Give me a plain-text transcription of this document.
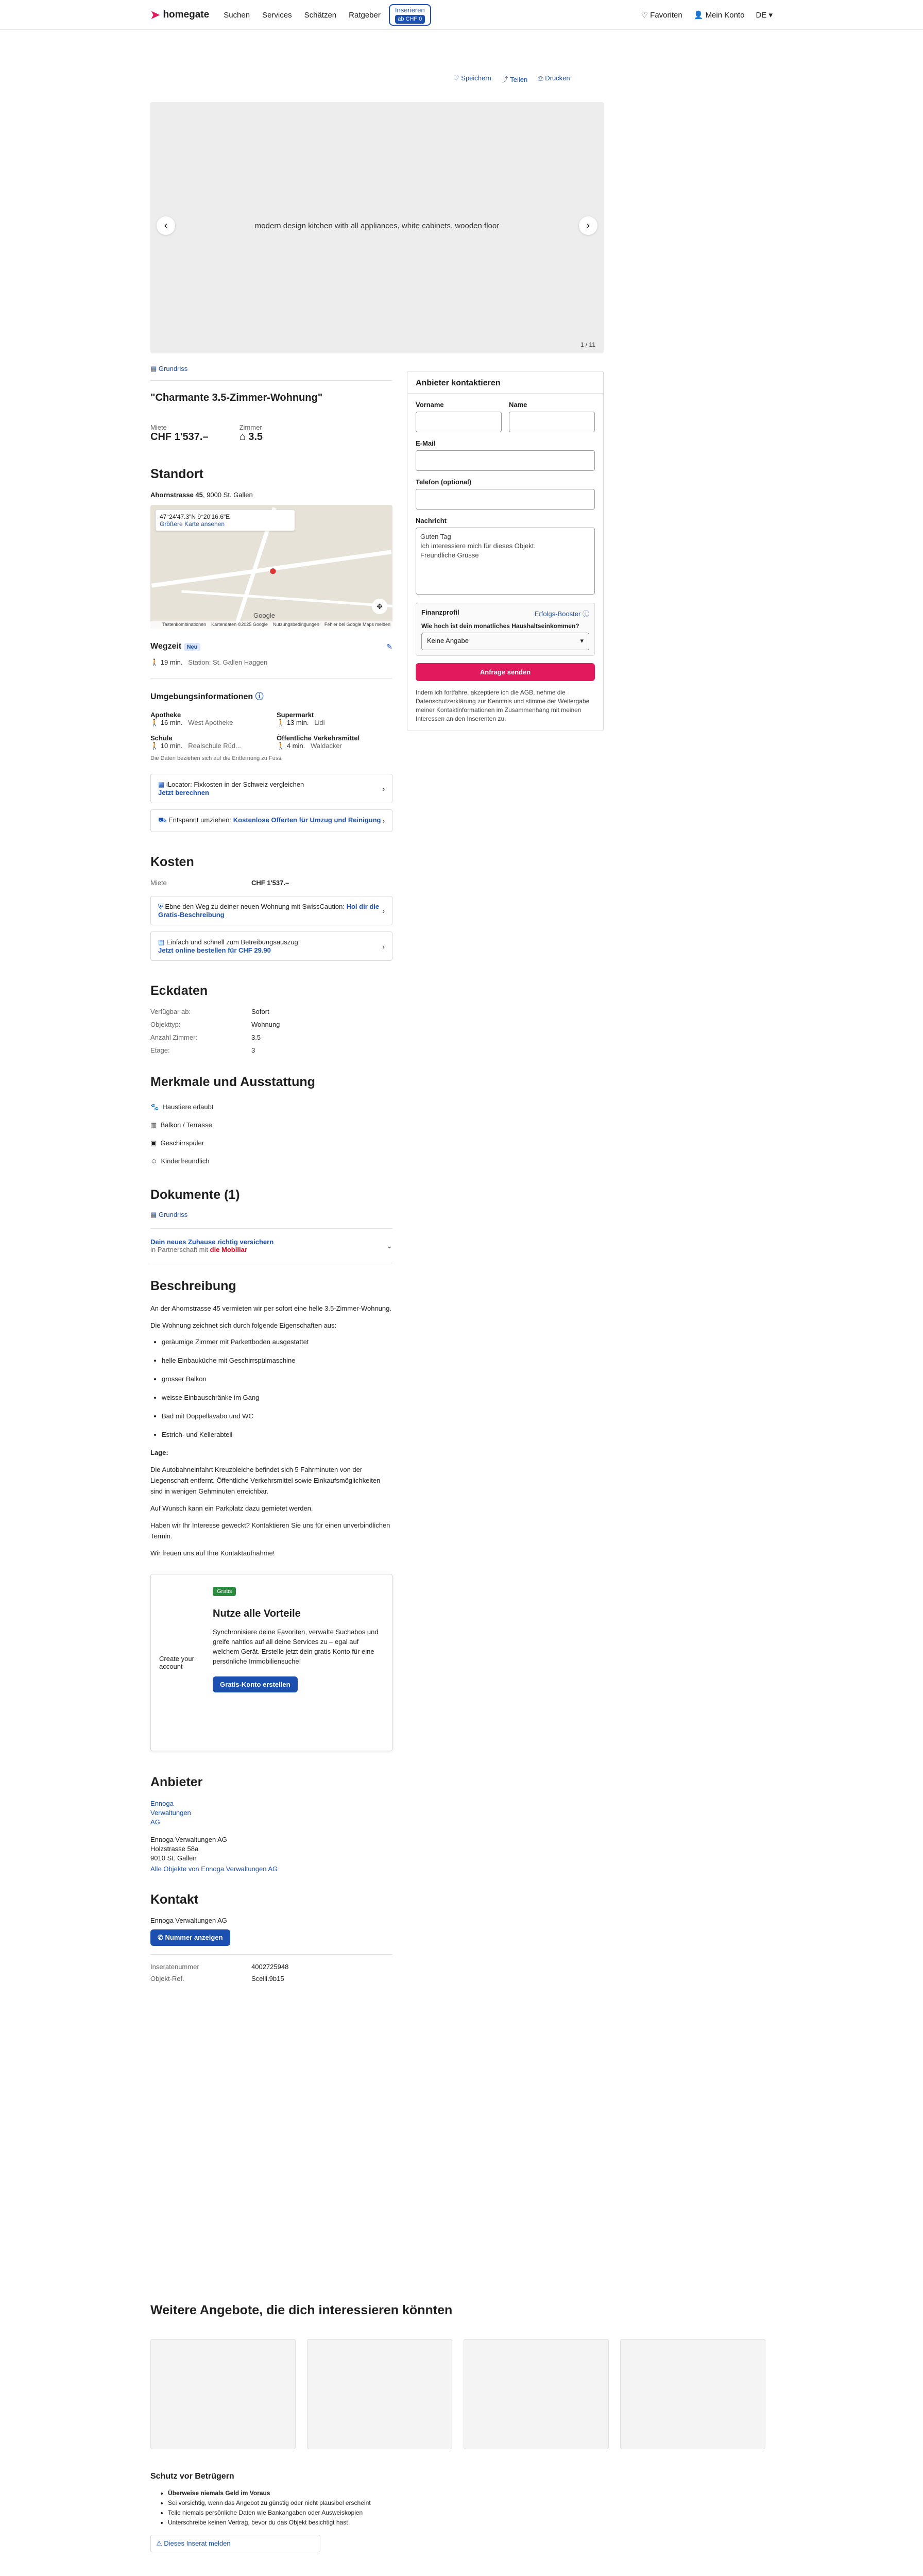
➤ homegate Suchen Services Schätzen Ratgeber
Inserieren
ab CHF 0	♡ Favoriten 👤 Mein Konto DE ▾
♡ Speichern ⤴ Teilen ⎙ Drucken
modern design kitchen with all appliances, white cabinets, wooden floor
‹	›
1 / 11
▤ Grundriss
"Charmante 3.5-Zimmer-Wohnung"
Miete
CHF 1'537.–
Zimmer
⌂ 3.5
Standort
Ahornstrasse 45, 9000 St. Gallen
47°24'47.3"N 9°20'16.6"E
Größere Karte ansehen
●
✥
Google
Tastenkombinationen Kartendaten ©2025 Google Nutzungsbedingungen Fehler bei Google Maps melden
Wegzeit Neu	✎
🚶 19 min. Station: St. Gallen Haggen
Umgebungsinformationen ⓘ
Apotheke
🚶 16 min. West Apotheke
Supermarkt
🚶 13 min. Lidl
Schule
🚶 10 min. Realschule Rüd...
Öffentliche Verkehrsmittel
🚶 4 min. Waldacker
Die Daten beziehen sich auf die Entfernung zu Fuss.
▦ iLocator: Fixkosten in der Schweiz vergleichen
Jetzt berechnen	›
⛟ Entspannt umziehen: Kostenlose Offerten für Umzug und Reinigung ›
Kosten
Miete	CHF 1'537.–
⛨ Ebne den Weg zu deiner neuen Wohnung mit SwissCaution: Hol dir die Gratis-Beschreibung	›
▤ Einfach und schnell zum Betreibungsauszug
Jetzt online bestellen für CHF 29.90	›
Eckdaten
Verfügbar ab:	Sofort
Objekttyp:	Wohnung
Anzahl Zimmer:	3.5
Etage:	3
Merkmale und Ausstattung
🐾 Haustiere erlaubt
▥ Balkon / Terrasse
▣ Geschirrspüler
☺ Kinderfreundlich
Dokumente (1)
▤ Grundriss
Dein neues Zuhause richtig versichern
in Partnerschaft mit die Mobiliar	⌄
Beschreibung

An der Ahornstrasse 45 vermieten wir per sofort eine helle 3.5-Zimmer-Wohnung.

Die Wohnung zeichnet sich durch folgende Eigenschaften aus:

• geräumige Zimmer mit Parkettboden ausgestattet
• helle Einbauküche mit Geschirrspülmaschine
• grosser Balkon
• weisse Einbauschränke im Gang
• Bad mit Doppellavabo und WC
• Estrich- und Kellerabteil

Lage:

Die Autobahneinfahrt Kreuzbleiche befindet sich 5 Fahrminuten von der Liegenschaft entfernt. Öffentliche Verkehrsmittel sowie Einkaufsmöglichkeiten sind in wenigen Gehminuten erreichbar.

Auf Wunsch kann ein Parkplatz dazu gemietet werden.

Haben wir Ihr Interesse geweckt? Kontaktieren Sie uns für einen unverbindlichen Termin.

Wir freuen uns auf Ihre Kontaktaufnahme!

Create your account
Gratis
Nutze alle Vorteile

Synchronisiere deine Favoriten, verwalte Suchabos und greife nahtlos auf all deine Services zu – egal auf welchem Gerät. Erstelle jetzt dein gratis Konto für eine persönliche Immobiliensuche!

Gratis-Konto erstellen
Anbieter
Ennoga
Verwaltungen
AG
Ennoga Verwaltungen AG
Holzstrasse 58a
9010 St. Gallen
Alle Objekte von Ennoga Verwaltungen AG
Kontakt
Ennoga Verwaltungen AG
✆ Nummer anzeigen
Inseratenummer	4002725948
Objekt-Ref.	Scelli.9b15
Anbieter kontaktieren
Vorname	Name
E-Mail
Telefon (optional)
Nachricht
Guten Tag
Ich interessiere mich für dieses Objekt.
Freundliche Grüsse
Finanzprofil	Erfolgs-Booster ⓘ
Wie hoch ist dein monatliches Haushaltseinkommen?
Keine Angabe	▾
Anfrage senden

Indem ich fortfahre, akzeptiere ich die AGB, nehme die Datenschutzerklärung zur Kenntnis und stimme der Weitergabe meiner Kontaktinformationen im Zusammenhang mit meinen Interessen an den Inserenten zu.

Weitere Angebote, die dich interessieren könnten
Schutz vor Betrügern
• Überweise niemals Geld im Voraus
• Sei vorsichtig, wenn das Angebot zu günstig oder nicht plausibel erscheint
• Teile niemals persönliche Daten wie Bankangaben oder Ausweiskopien
• Unterschreibe keinen Vertrag, bevor du das Objekt besichtigt hast
⚠ Dieses Inserat melden
